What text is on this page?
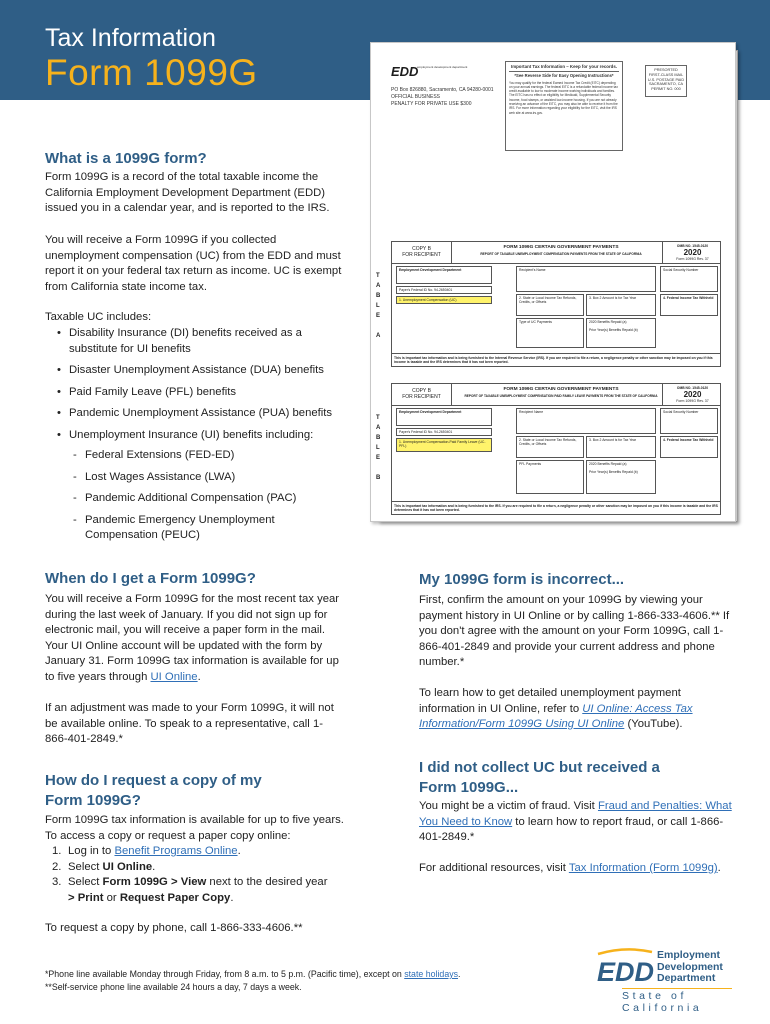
Tax Information
Form 1099G	EDD
employment development department
PO Box 826880, Sacramento, CA 94280-0001
OFFICIAL BUSINESS
PENALTY FOR PRIVATE USE $300
Important Tax Information – Keep for your records.
*See Reverse Side for Easy Opening Instructions*
You may qualify for the federal Earned Income Tax Credit (EITC) depending on your annual earnings. The federal EITC is a refundable federal income tax credit available to low to moderate income working individuals and families. The EITC has no effect on eligibility for Medicaid, Supplemental Security Income, food stamps, or assisted low-income housing. If you are not already receiving an advance of the EITC, you may also be able to receive it from the IRS. For more information regarding your eligibility for the EITC, visit the IRS web site at www.irs.gov.
PRESORTED
FIRST-CLASS MAIL
U.S. POSTAGE PAID
SACRAMENTO, CA
PERMIT NO. 000
T
A
B
L
E

A
COPY B
FOR RECIPIENT
FORM 1099G CERTAIN GOVERNMENT PAYMENTS
REPORT OF TAXABLE UNEMPLOYMENT COMPENSATION PAYMENTS FROM THE STATE OF CALIFORNIA
OMB NO. 1545-0120
2020
Form 1099G Rev. 37
Employment Development Department
Payer's Federal ID No. 94-2650401
1. Unemployment Compensation (UC)
Recipient's Name	Social Security Number
2. State or Local Income Tax Refunds, Credits, or Offsets
3. Box 2 Amount is for Tax Year	4. Federal Income Tax Withheld
Type of UC Payments	2020 Benefits Repaid (a)
Prior Year(s) Benefits Repaid (b)
This is important tax information and is being furnished to the Internal Revenue Service (IRS). If you are required to file a return, a negligence penalty or other sanction may be imposed on you if this income is taxable and the IRS determines that it has not been reported.
T
A
B
L
E

B
COPY B
FOR RECIPIENT
FORM 1099G CERTAIN GOVERNMENT PAYMENTS
REPORT OF TAXABLE UNEMPLOYMENT COMPENSATION PAID FAMILY LEAVE PAYMENTS FROM THE STATE OF CALIFORNIA
OMB NO. 1545-0120
2020
Form 1099G Rev. 37
Employment Development Department
Payer's Federal ID No. 94-2650401
1. Unemployment Compensation-Paid Family Leave (UC-PFL)
Recipient Name	Social Security Number
2. State or Local Income Tax Refunds, Credits, or Offsets
3. Box 2 Amount is for Tax Year	4. Federal Income Tax Withheld
PFL Payments	2020 Benefits Repaid (a)
Prior Year(s) Benefits Repaid (b)
This is important tax information and is being furnished to the IRS. If you are required to file a return, a negligence penalty or other sanction may be imposed on you if this income is taxable and the IRS determines that it has not been reported.
What is a 1099G form?
Form 1099G is a record of the total taxable income the California Employment Development Department (EDD) issued you in a calendar year, and is reported to the IRS.
You will receive a Form 1099G if you collected unemployment compensation (UC) from the EDD and must report it on your federal tax return as income. UC is exempt from California state income tax.
Taxable UC includes:
• Disability Insurance (DI) benefits received as a substitute for UI benefits
• Disaster Unemployment Assistance (DUA) benefits
• Paid Family Leave (PFL) benefits
• Pandemic Unemployment Assistance (PUA) benefits
• Unemployment Insurance (UI) benefits including:
- Federal Extensions (FED-ED)
- Lost Wages Assistance (LWA)
- Pandemic Additional Compensation (PAC)
- Pandemic Emergency Unemployment Compensation (PEUC)
When do I get a Form 1099G?
You will receive a Form 1099G for the most recent tax year during the last week of January. If you did not sign up for electronic mail, you will receive a paper form in the mail. Your UI Online account will be updated with the form by January 31. Form 1099G tax information is available for up to five years through UI Online.
If an adjustment was made to your Form 1099G, it will not be available online. To speak to a representative, call 1-866-401-2849.*
How do I request a copy of my
Form 1099G?
Form 1099G tax information is available for up to five years. To access a copy or request a paper copy online:
1. Log in to Benefit Programs Online.
2. Select UI Online.
3. Select Form 1099G > View next to the desired year
> Print or Request Paper Copy.
To request a copy by phone, call 1-866-333-4606.**
My 1099G form is incorrect...
First, confirm the amount on your 1099G by viewing your payment history in UI Online or by calling 1-866-333-4606.** If you don't agree with the amount on your Form 1099G, call 1-866-401-2849 and provide your current address and phone number.*
To learn how to get detailed unemployment payment information in UI Online, refer to UI Online: Access Tax Information/Form 1099G Using UI Online (YouTube).
I did not collect UC but received a
Form 1099G...
You might be a victim of fraud. Visit Fraud and Penalties: What You Need to Know to learn how to report fraud, or call 1-866-401-2849.*
For additional resources, visit Tax Information (Form 1099g).
*Phone line available Monday through Friday, from 8 a.m. to 5 p.m. (Pacific time), except on state holidays.
**Self-service phone line available 24 hours a day, 7 days a week.	EDD
Employment
Development
Department
State of California
